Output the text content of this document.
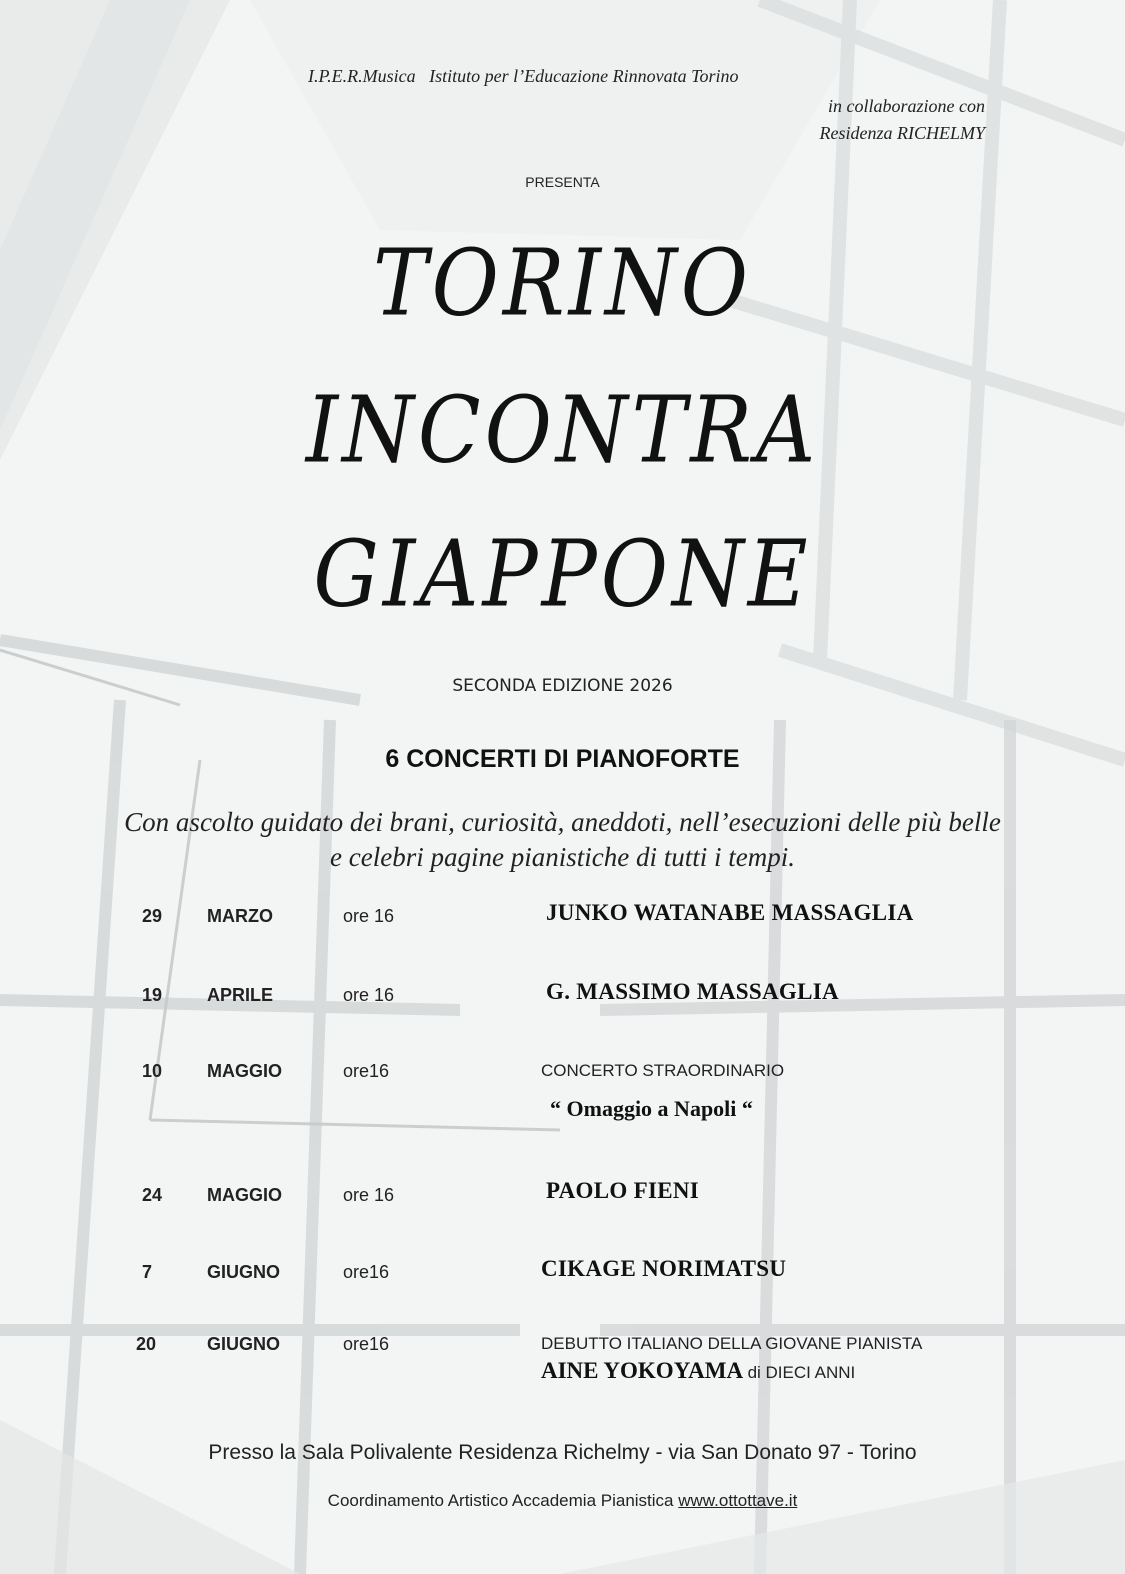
I.P.E.R.Musica   Istituto per l’Educazione Rinnovata Torino

in collaborazione con

Residenza RICHELMY

PRESENTA

TORINO

INCONTRA

GIAPPONE

SECONDA EDIZIONE 2026

6 CONCERTI DI PIANOFORTE

Con ascolto guidato dei brani, curiosità, aneddoti, nell’esecuzioni delle più belle
e celebri pagine pianistiche di tutti i tempi.
29	MARZO	ore 16	JUNKO WATANABE MASSAGLIA
19	APRILE	ore 16	G. MASSIMO MASSAGLIA
10	MAGGIO	ore16	CONCERTO STRAORDINARIO
“ Omaggio a Napoli “
24	MAGGIO	ore 16	PAOLO FIENI
7	GIUGNO	ore16	CIKAGE NORIMATSU
20	GIUGNO	ore16	DEBUTTO ITALIANO DELLA GIOVANE PIANISTA
AINE YOKOYAMA di DIECI ANNI

Presso la Sala Polivalente Residenza Richelmy - via San Donato 97 - Torino

Coordinamento Artistico Accademia Pianistica www.ottottave.it
